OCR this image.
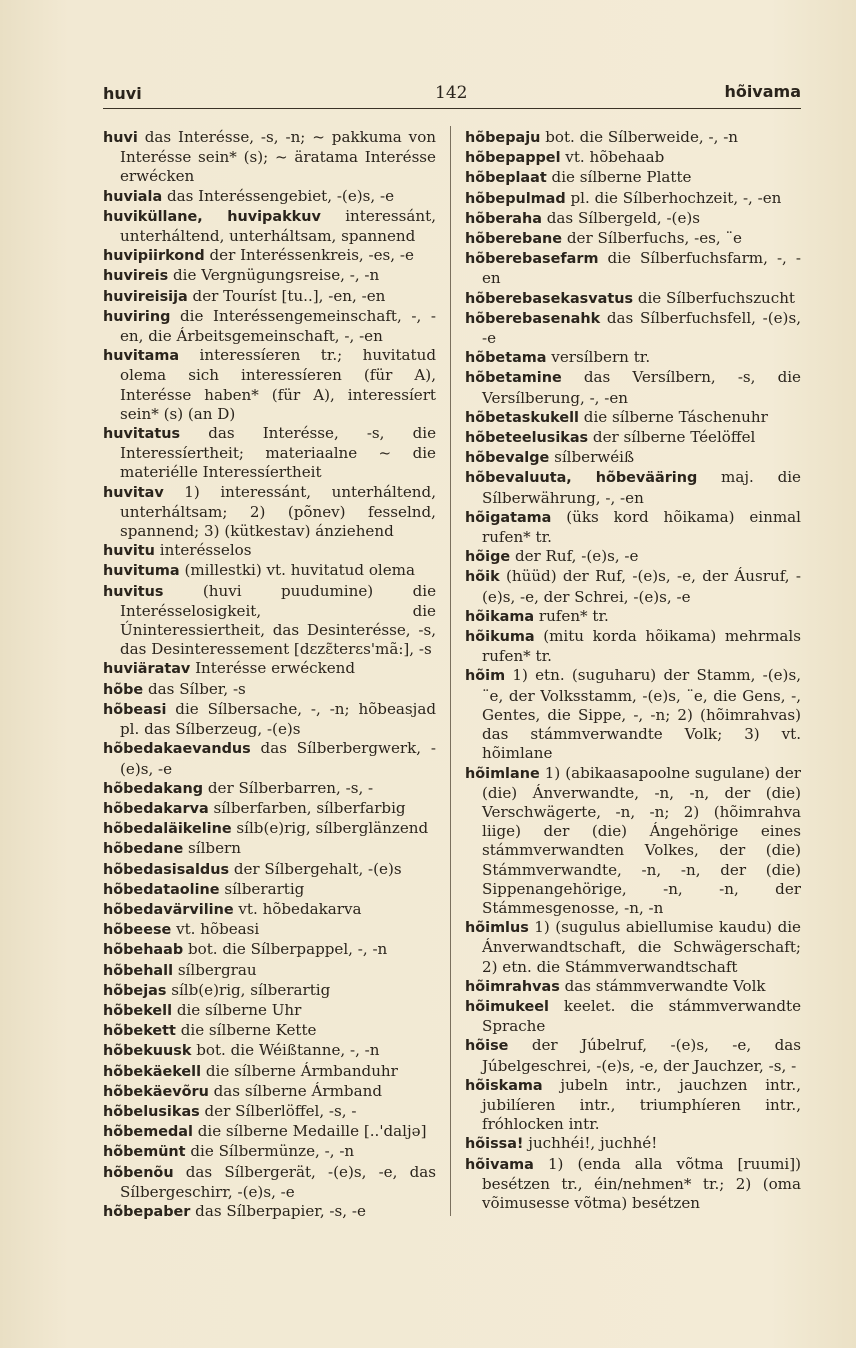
huvi	142	hõivama

huvi das Interésse, -s, -n; ~ pakkuma von Interésse sein* (s); ~ äratama Interésse erwécken

huviala das Interéssengebiet, -(e)s, -e

huviküllane, huvipakkuv interessánt, unterháltend, unterháltsam, spannend

huvipiirkond der Interéssenkreis, -es, -e

huvireis die Vergnügungsreise, -, -n

huvireisija der Touríst [tu..], -en, -en

huviring die Interéssengemeinschaft, -, -en, die Árbeitsgemeinschaft, -, -en

huvitama interessíeren tr.; huvitatud olema sich interessíeren (für A), Interésse haben* (für A), interessíert sein* (s) (an D)

huvitatus das Interésse, -s, die Interessíertheit; materiaalne ~ die materiélle Interessíertheit

huvitav 1) interessánt, unterháltend, unterháltsam; 2) (põnev) fesselnd, spannend; 3) (kütkestav) ánziehend

huvitu interésselos

huvituma (millestki) vt. huvitatud olema

huvitus (huvi puudumine) die Interésselosigkeit, die Úninteressiertheit, das Desinterésse, -s, das Desinteressement [dɛzɛ̃terɛs'mã:], -s

huviäratav Interésse erwéckend

hõbe das Sílber, -s

hõbeasi die Sílbersache, -, -n; hõbeasjad pl. das Sílberzeug, -(e)s

hõbedakaevandus das Sílberbergwerk, -(e)s, -e

hõbedakang der Sílberbarren, -s, -

hõbedakarva sílberfarben, sílberfarbig

hõbedaläikeline sílb(e)rig, sílberglänzend

hõbedane sílbern

hõbedasisaldus der Sílbergehalt, -(e)s

hõbedataoline sílberartig

hõbedavärviline vt. hõbedakarva

hõbeese vt. hõbeasi

hõbehaab bot. die Sílberpappel, -, -n

hõbehall sílbergrau

hõbejas sílb(e)rig, sílberartig

hõbekell die sílberne Uhr

hõbekett die sílberne Kette

hõbekuusk bot. die Wéißtanne, -, -n

hõbekäekell die sílberne Ármbanduhr

hõbekäevõru das sílberne Ármband

hõbelusikas der Sílberlöffel, -s, -

hõbemedal die sílberne Medaille [..'daljə]

hõbemünt die Sílbermünze, -, -n

hõbenõu das Sílbergerät, -(e)s, -e, das Sílbergeschirr, -(e)s, -e

hõbepaber das Sílberpapier, -s, -e

hõbepaju bot. die Sílberweide, -, -n

hõbepappel vt. hõbehaab

hõbeplaat die sílberne Platte

hõbepulmad pl. die Sílberhochzeit, -, -en

hõberaha das Sílbergeld, -(e)s

hõberebane der Sílberfuchs, -es, ¨e

hõberebasefarm die Sílberfuchsfarm, -, -en

hõberebasekasvatus die Sílberfuchszucht

hõberebasenahk das Sílberfuchsfell, -(e)s, -e

hõbetama versílbern tr.

hõbetamine das Versílbern, -s, die Versílberung, -, -en

hõbetaskukell die sílberne Táschenuhr

hõbeteelusikas der sílberne Téelöffel

hõbevalge sílberwéiß

hõbevaluuta, hõbevääring maj. die Sílberwährung, -, -en

hõigatama (üks kord hõikama) einmal rufen* tr.

hõige der Ruf, -(e)s, -e

hõik (hüüd) der Ruf, -(e)s, -e, der Áusruf, -(e)s, -e, der Schrei, -(e)s, -e

hõikama rufen* tr.

hõikuma (mitu korda hõikama) mehrmals rufen* tr.

hõim 1) etn. (suguharu) der Stamm, -(e)s, ¨e, der Volksstamm, -(e)s, ¨e, die Gens, -, Gentes, die Sippe, -, -n; 2) (hõimrahvas) das stámmverwandte Volk; 3) vt. hõimlane

hõimlane 1) (abikaasapoolne sugulane) der (die) Ánverwandte, -n, -n, der (die) Verschwägerte, -n, -n; 2) (hõimrahva liige) der (die) Ángehörige eines stámmverwandten Volkes, der (die) Stámmverwandte, -n, -n, der (die) Sippenangehörige, -n, -n, der Stámmesgenosse, -n, -n

hõimlus 1) (sugulus abiellumise kaudu) die Ánverwandtschaft, die Schwägerschaft; 2) etn. die Stámmverwandtschaft

hõimrahvas das stámmverwandte Volk

hõimukeel keelet. die stámmverwandte Sprache

hõise der Júbelruf, -(e)s, -e, das Júbelgeschrei, -(e)s, -e, der Jauchzer, -s, -

hõiskama jubeln intr., jauchzen intr., jubilíeren intr., triumphíeren intr., fróhlocken intr.

hõissa! juchhéi!, juchhé!

hõivama 1) (enda alla võtma [ruumi]) besétzen tr., éin/nehmen* tr.; 2) (oma võimusesse võtma) besétzen
